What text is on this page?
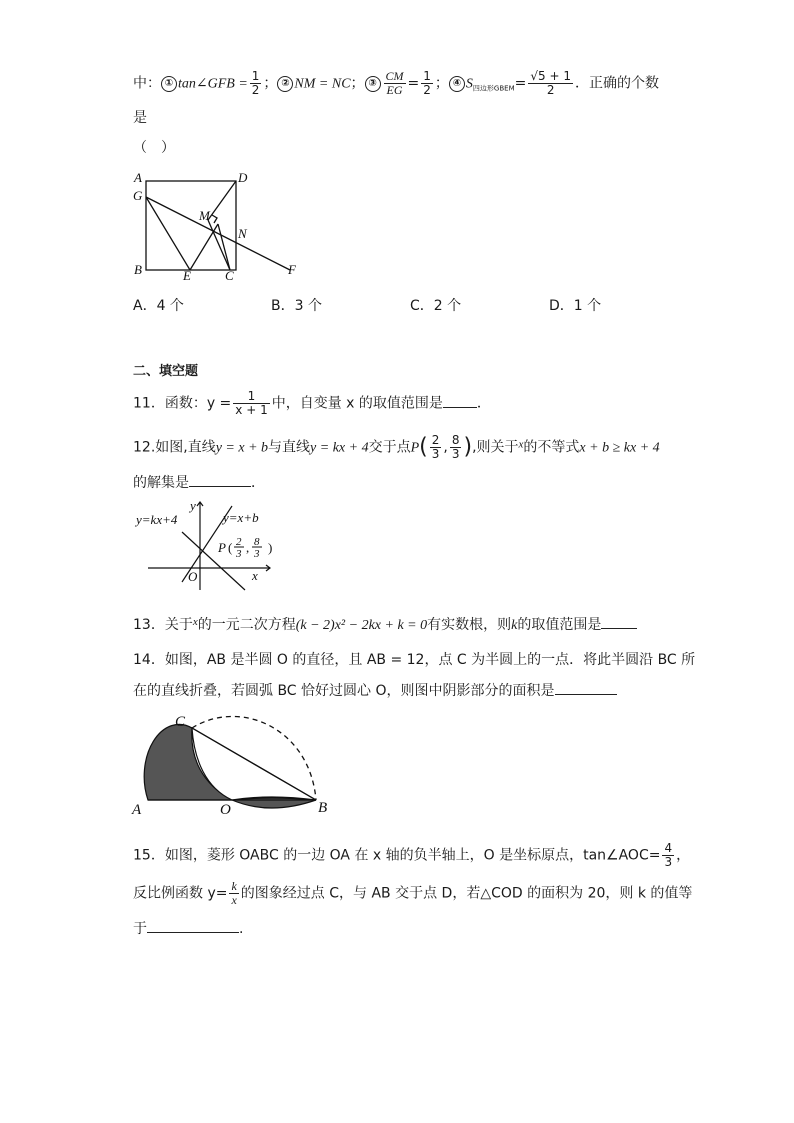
中： ① tan∠GFB = $\frac{1}{2}$ ； ② NM = NC； ③ $\frac{CM}{EG} = \frac{1}{2}$ ； ④ $S_{四边形GBEM}= \frac{√5 + 1}{2}$ ．正确的个数
是
（　）
A	D
G
M
N
B	E	C	F
A．4 个	B．3 个	C．2 个	D．1 个
二、填空题
11．函数：$y = \frac{1}{x + 1}$ 中，自变量 x 的取值范围是 ．
12.如图,直线y = x + b与直线y = kx + 4交于点$P( \frac{2}{3}$ , $\frac{8}{3}$ ),则关于$^x$的不等式x + b ≥ kx + 4
的解集是	．
y=kx+4	y=x+b
y
x
O
P ( 2
3 , 8
3 )
13．关于$^x$的一元二次方程(k − 2)x² − 2kx + k = 0有实数根，则k的取值范围是
14．如图，AB 是半圆 O 的直径，且 AB = 12，点 C 为半圆上的一点．将此半圆沿 BC 所
在的直线折叠，若圆弧 BC 恰好过圆心 O，则图中阴影部分的面积是
C
A	O	B
15．如图，菱形 OABC 的一边 OA 在 x 轴的负半轴上，O 是坐标原点，tan∠AOC= $\frac{4}{3}$ ，
反比例函数 $y= \frac{k}{x}$ 的图象经过点 C，与 AB 交于点 D，若△COD 的面积为 20，则 k 的值等
于	.
